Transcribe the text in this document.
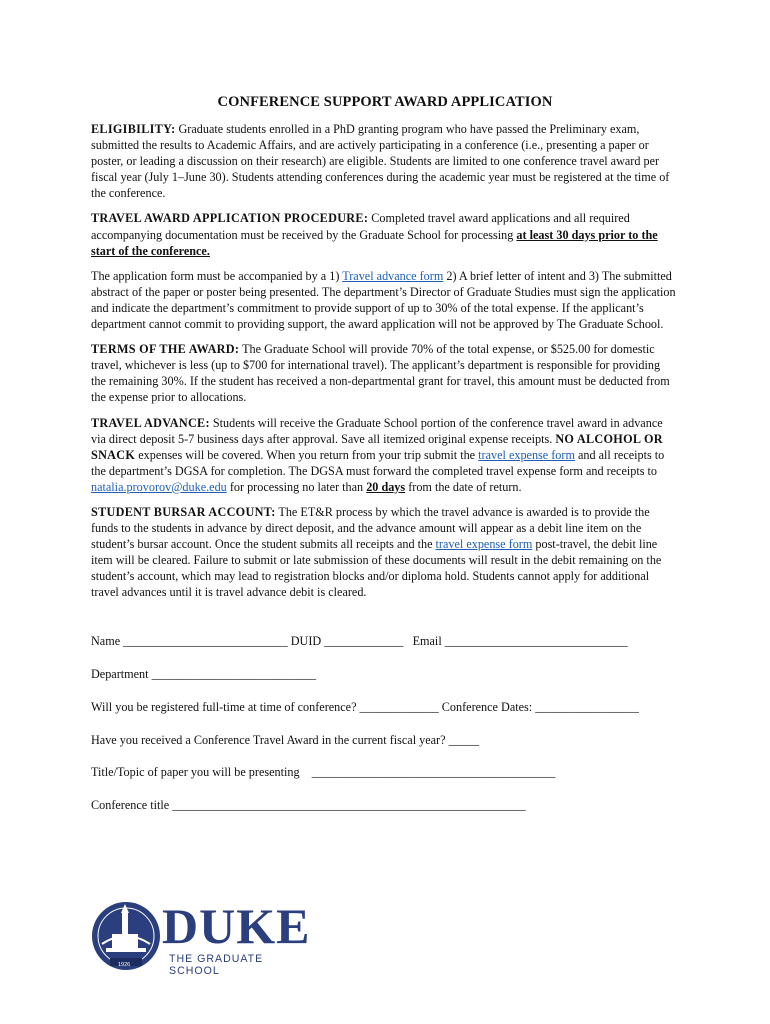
CONFERENCE SUPPORT AWARD APPLICATION

ELIGIBILITY: Graduate students enrolled in a PhD granting program who have passed the Preliminary exam, submitted the results to Academic Affairs, and are actively participating in a conference (i.e., presenting a paper or poster, or leading a discussion on their research) are eligible. Students are limited to one conference travel award per fiscal year (July 1–June 30). Students attending conferences during the academic year must be registered at the time of the conference.

TRAVEL AWARD APPLICATION PROCEDURE: Completed travel award applications and all required accompanying documentation must be received by the Graduate School for processing at least 30 days prior to the start of the conference.

The application form must be accompanied by a 1) Travel advance form 2) A brief letter of intent and 3) The submitted abstract of the paper or poster being presented. The department’s Director of Graduate Studies must sign the application and indicate the department’s commitment to provide support of up to 30% of the total expense. If the applicant’s department cannot commit to providing support, the award application will not be approved by The Graduate School.

TERMS OF THE AWARD: The Graduate School will provide 70% of the total expense, or $525.00 for domestic travel, whichever is less (up to $700 for international travel). The applicant’s department is responsible for providing the remaining 30%. If the student has received a non-departmental grant for travel, this amount must be deducted from the expense prior to allocations.

TRAVEL ADVANCE: Students will receive the Graduate School portion of the conference travel award in advance via direct deposit 5-7 business days after approval. Save all itemized original expense receipts. NO ALCOHOL OR SNACK expenses will be covered. When you return from your trip submit the travel expense form and all receipts to the department’s DGSA for completion. The DGSA must forward the completed travel expense form and receipts to natalia.provorov@duke.edu for processing no later than 20 days from the date of return.

STUDENT BURSAR ACCOUNT: The ET&R process by which the travel advance is awarded is to provide the funds to the students in advance by direct deposit, and the advance amount will appear as a debit line item on the student’s bursar account. Once the student submits all receipts and the travel expense form post-travel, the debit line item will be cleared. Failure to submit or late submission of these documents will result in the debit remaining on the student’s account, which may lead to registration blocks and/or diploma hold. Students cannot apply for additional travel advances until it is travel advance debit is cleared.

Name ___________________________ DUID _____________   Email ______________________________
Department ___________________________
Will you be registered full-time at time of conference? _____________ Conference Dates: _________________
Have you received a Conference Travel Award in the current fiscal year? _____
Title/Topic of paper you will be presenting    ________________________________________
Conference title __________________________________________________________
1926
DUKE
THE GRADUATE SCHOOL
